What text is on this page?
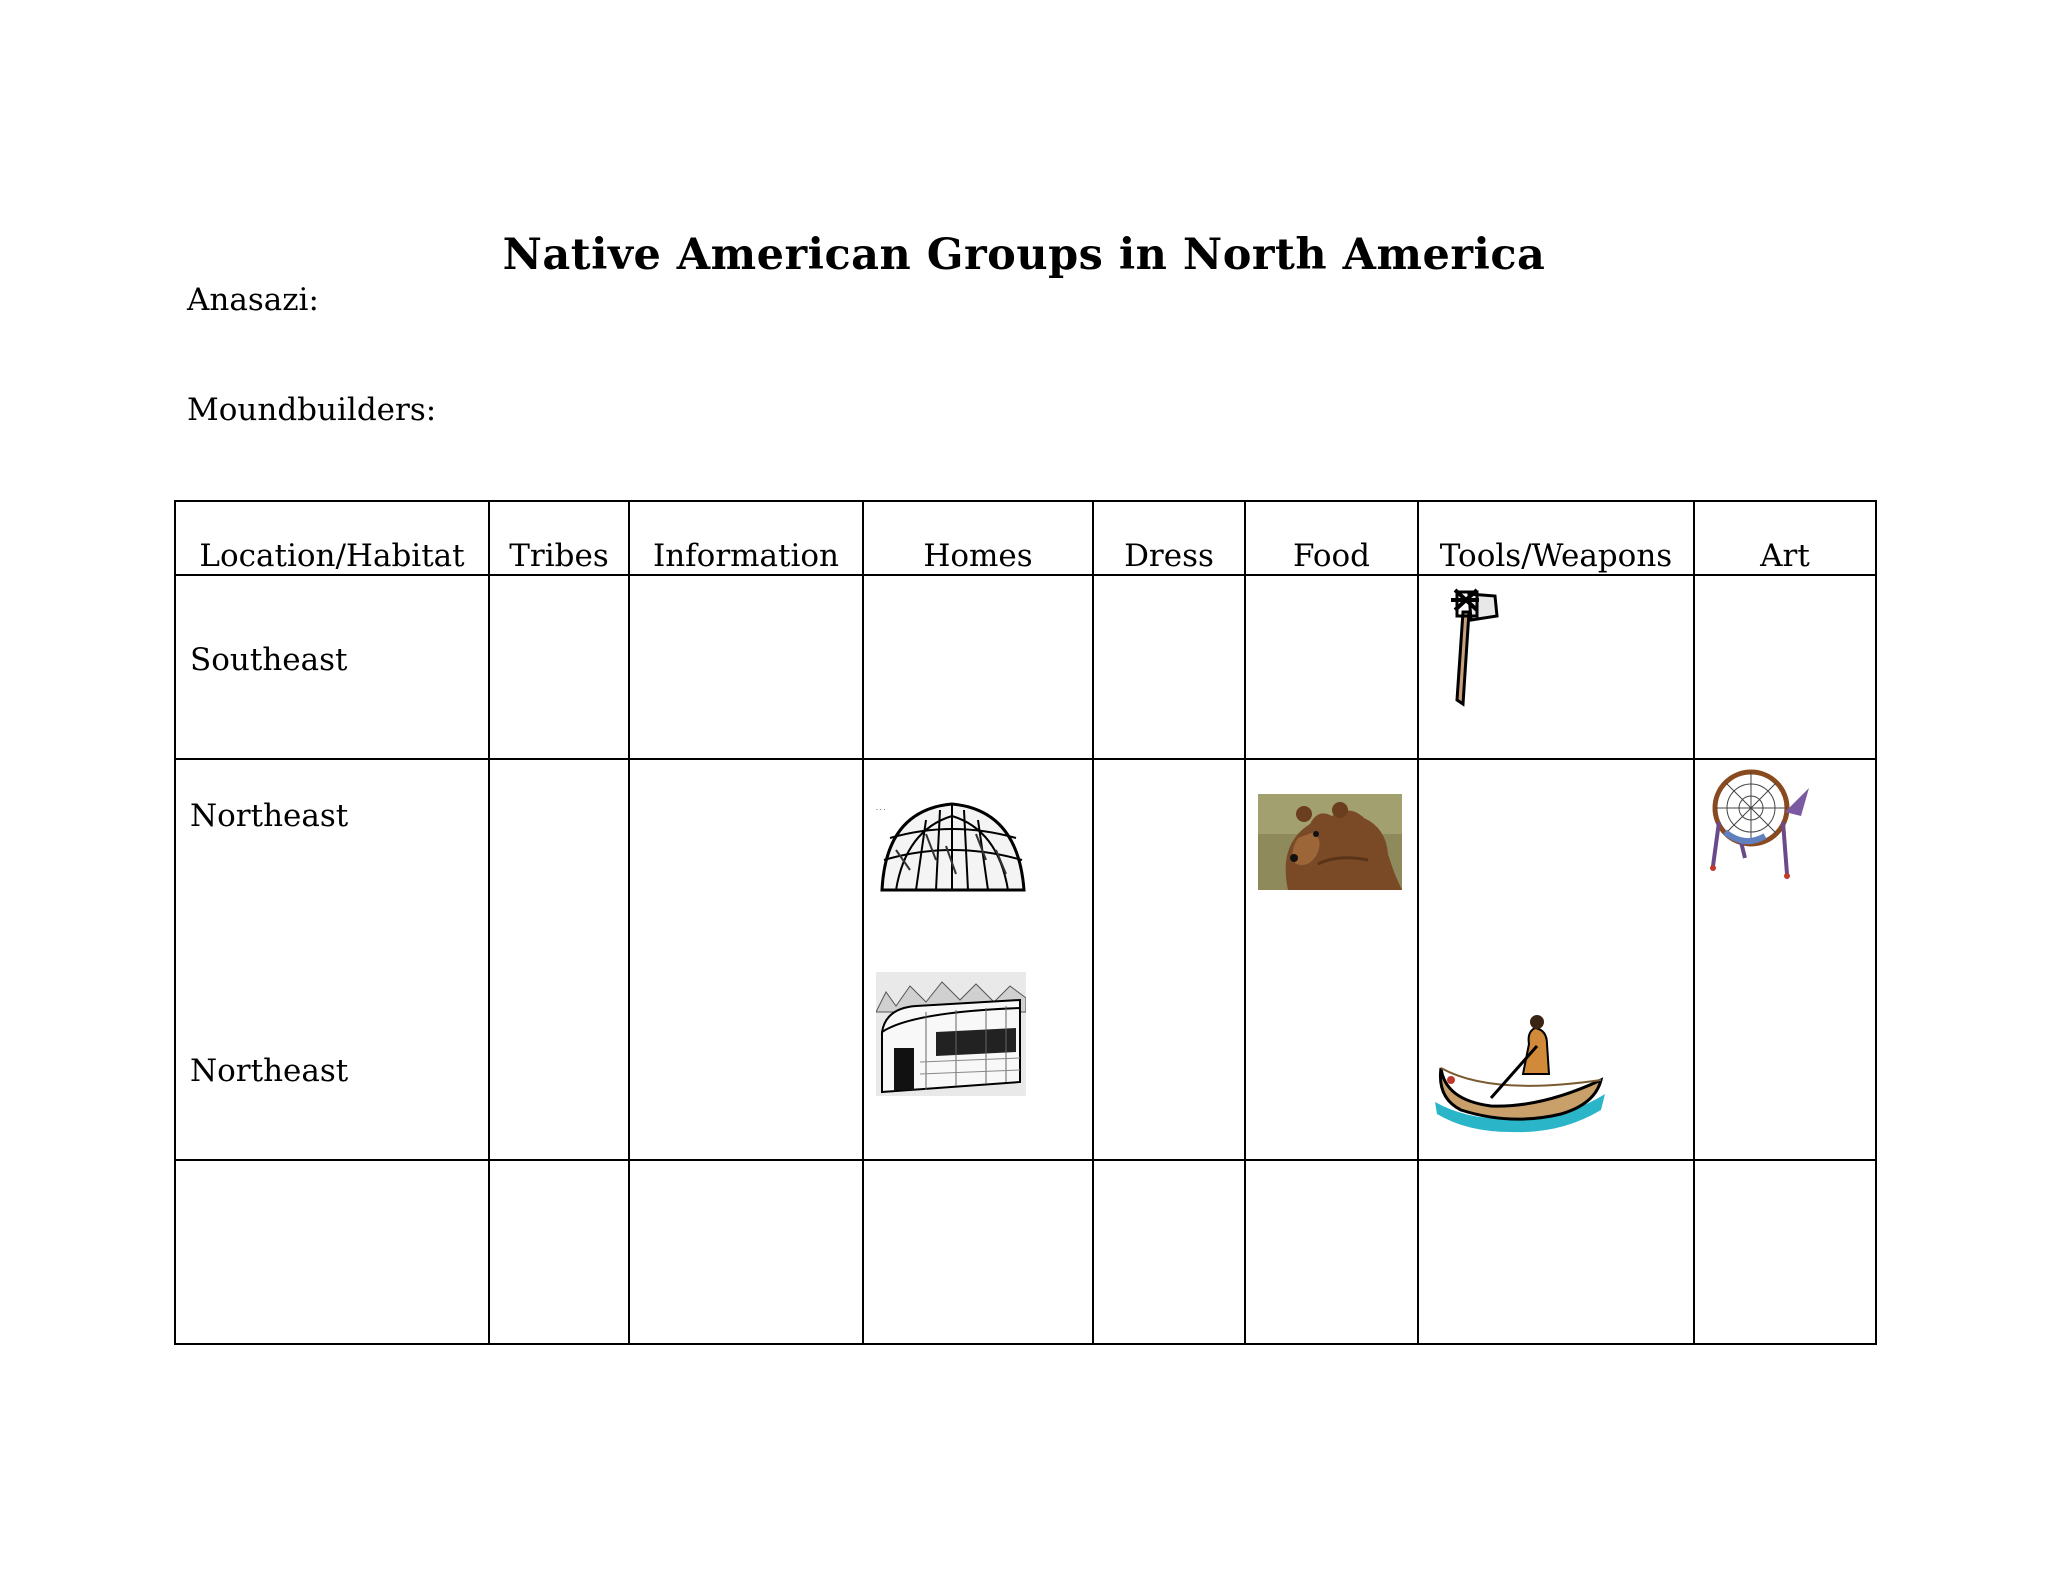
Native American Groups in North America
Anasazi:
Moundbuilders:
Location/Habitat	Tribes	Information	Homes	Dress	Food	Tools/Weapons	Art

Southeast

Northeast
Northeast			· · ·
